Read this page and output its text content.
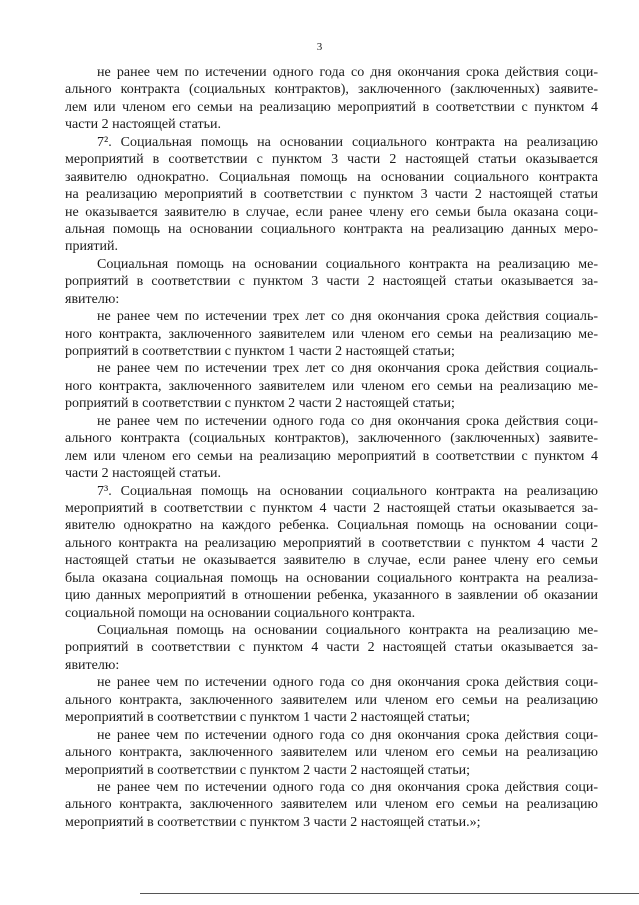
3
не ранее чем по истечении одного года со дня окончания срока действия соци-
ального контракта (социальных контрактов), заключенного (заключенных) заявите-
лем или членом его семьи на реализацию мероприятий в соответствии с пунктом 4
части 2 настоящей статьи.
7². Социальная помощь на основании социального контракта на реализацию
мероприятий в соответствии с пунктом 3 части 2 настоящей статьи оказывается
заявителю однократно. Социальная помощь на основании социального контракта
на реализацию мероприятий в соответствии с пунктом 3 части 2 настоящей статьи
не оказывается заявителю в случае, если ранее члену его семьи была оказана соци-
альная помощь на основании социального контракта на реализацию данных меро-
приятий.
Социальная помощь на основании социального контракта на реализацию ме-
роприятий в соответствии с пунктом 3 части 2 настоящей статьи оказывается за-
явителю:
не ранее чем по истечении трех лет со дня окончания срока действия социаль-
ного контракта, заключенного заявителем или членом его семьи на реализацию ме-
роприятий в соответствии с пунктом 1 части 2 настоящей статьи;
не ранее чем по истечении трех лет со дня окончания срока действия социаль-
ного контракта, заключенного заявителем или членом его семьи на реализацию ме-
роприятий в соответствии с пунктом 2 части 2 настоящей статьи;
не ранее чем по истечении одного года со дня окончания срока действия соци-
ального контракта (социальных контрактов), заключенного (заключенных) заявите-
лем или членом его семьи на реализацию мероприятий в соответствии с пунктом 4
части 2 настоящей статьи.
7³. Социальная помощь на основании социального контракта на реализацию
мероприятий в соответствии с пунктом 4 части 2 настоящей статьи оказывается за-
явителю однократно на каждого ребенка. Социальная помощь на основании соци-
ального контракта на реализацию мероприятий в соответствии с пунктом 4 части 2
настоящей статьи не оказывается заявителю в случае, если ранее члену его семьи
была оказана социальная помощь на основании социального контракта на реализа-
цию данных мероприятий в отношении ребенка, указанного в заявлении об оказании
социальной помощи на основании социального контракта.
Социальная помощь на основании социального контракта на реализацию ме-
роприятий в соответствии с пунктом 4 части 2 настоящей статьи оказывается за-
явителю:
не ранее чем по истечении одного года со дня окончания срока действия соци-
ального контракта, заключенного заявителем или членом его семьи на реализацию
мероприятий в соответствии с пунктом 1 части 2 настоящей статьи;
не ранее чем по истечении одного года со дня окончания срока действия соци-
ального контракта, заключенного заявителем или членом его семьи на реализацию
мероприятий в соответствии с пунктом 2 части 2 настоящей статьи;
не ранее чем по истечении одного года со дня окончания срока действия соци-
ального контракта, заключенного заявителем или членом его семьи на реализацию
мероприятий в соответствии с пунктом 3 части 2 настоящей статьи.»;
